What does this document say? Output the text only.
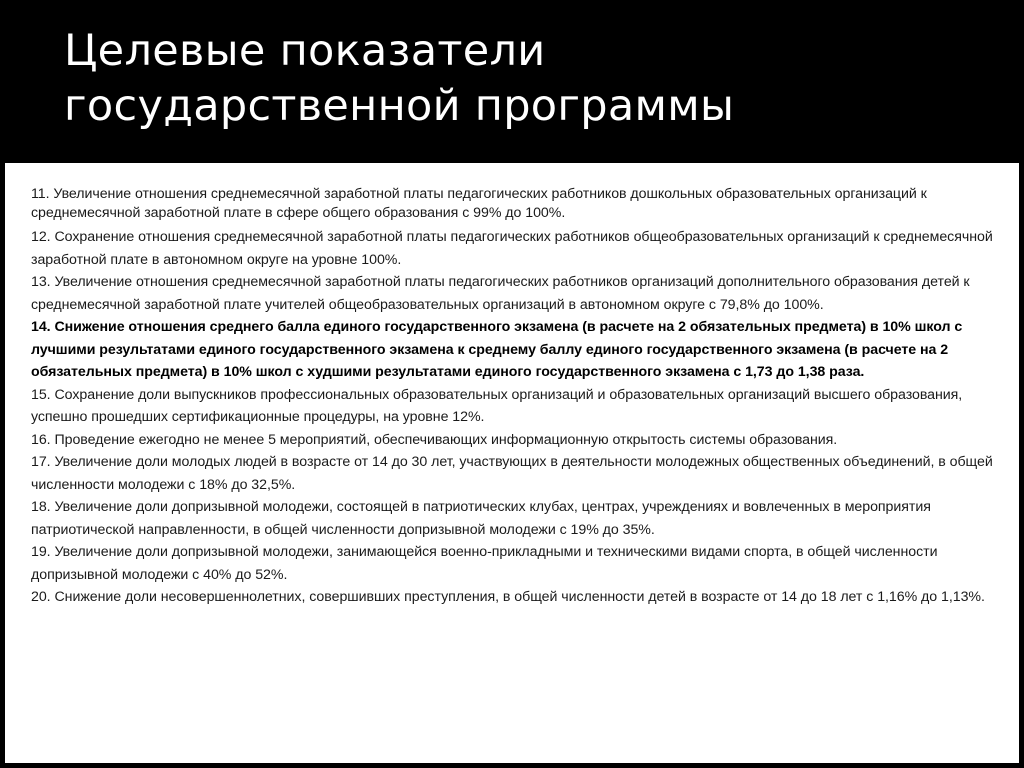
Целевые показатели
государственной программы

11. Увеличение отношения среднемесячной заработной платы педагогических работников дошкольных образовательных организаций к среднемесячной заработной плате в сфере общего образования с 99% до 100%.

12. Сохранение отношения среднемесячной заработной платы педагогических работников общеобразовательных организаций к среднемесячной заработной плате в автономном округе на уровне 100%.

13. Увеличение отношения среднемесячной заработной платы педагогических работников организаций дополнительного образования детей к среднемесячной заработной плате учителей общеобразовательных организаций в автономном округе с 79,8% до 100%.

14. Снижение отношения среднего балла единого государственного экзамена (в расчете на 2 обязательных предмета) в 10% школ с лучшими результатами единого государственного экзамена к среднему баллу единого государственного экзамена (в расчете на 2 обязательных предмета) в 10% школ с худшими результатами единого государственного экзамена с 1,73 до 1,38 раза.

15. Сохранение доли выпускников профессиональных образовательных организаций и образовательных организаций высшего образования, успешно прошедших сертификационные процедуры, на уровне 12%.

16. Проведение ежегодно не менее 5 мероприятий, обеспечивающих информационную открытость системы образования.

17. Увеличение доли молодых людей в возрасте от 14 до 30 лет, участвующих в деятельности молодежных общественных объединений, в общей численности молодежи с 18% до 32,5%.

18. Увеличение доли допризывной молодежи, состоящей в патриотических клубах, центрах, учреждениях и вовлеченных в мероприятия патриотической направленности, в общей численности допризывной молодежи с 19% до 35%.

19. Увеличение доли допризывной молодежи, занимающейся военно-прикладными и техническими видами спорта, в общей численности допризывной молодежи с 40% до 52%.

20. Снижение доли несовершеннолетних, совершивших преступления, в общей численности детей в возрасте от 14 до 18 лет с 1,16% до 1,13%.
